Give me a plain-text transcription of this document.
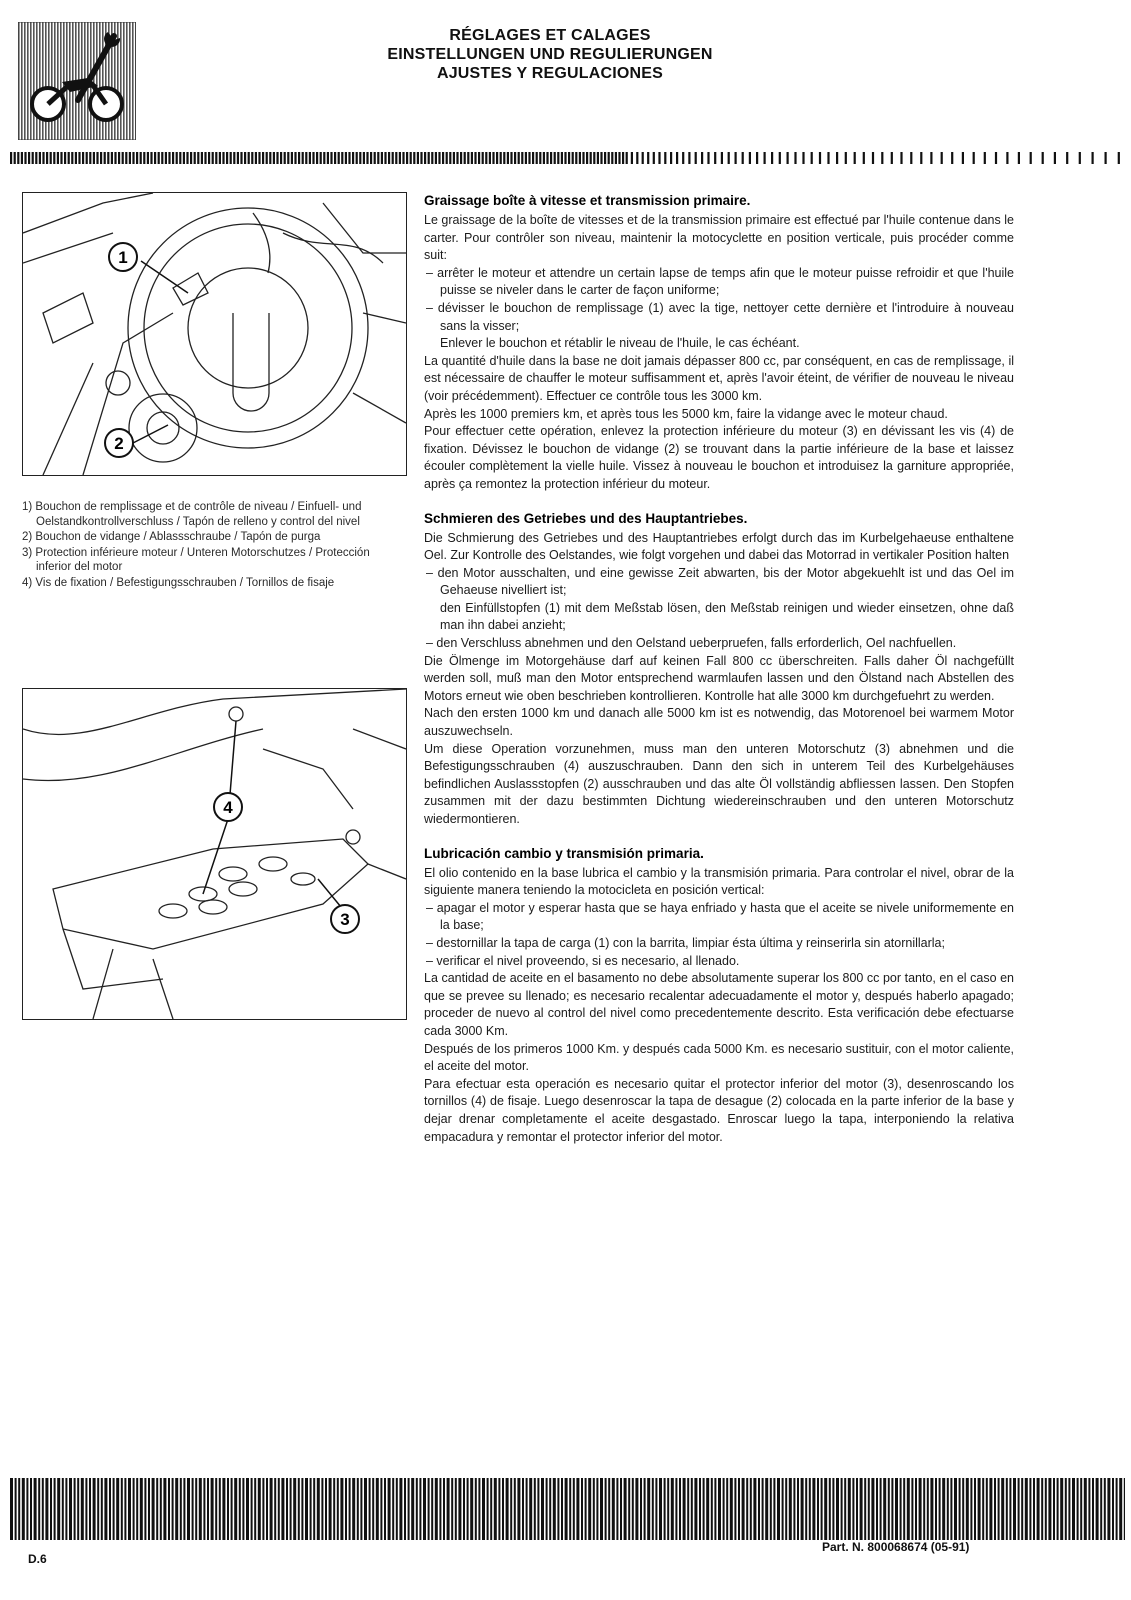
RÉGLAGES ET CALAGES
EINSTELLUNGEN UND REGULIERUNGEN
AJUSTES Y REGULACIONES
1
2

1) Bouchon de remplissage et de contrôle de niveau / Einfuell- und Oelstandkontrollverschluss / Tapón de relleno y control del nivel

2) Bouchon de vidange / Ablassschraube / Tapón de purga

3) Protection inférieure moteur / Unteren Motorschutzes / Protección inferior del motor

4) Vis de fixation / Befestigungsschrauben / Tornillos de fisaje

4
3
Graissage boîte à vitesse et transmission primaire.

Le graissage de la boîte de vitesses et de la transmission primaire est effectué par l'huile contenue dans le carter. Pour contrôler son niveau, maintenir la motocyclette en position verticale, puis procéder comme suit:

– arrêter le moteur et attendre un certain lapse de temps afin que le moteur puisse refroidir et que l'huile puisse se niveler dans le carter de façon uniforme;

– dévisser le bouchon de remplissage (1) avec la tige, nettoyer cette dernière et l'introduire à nouveau sans la visser;

Enlever le bouchon et rétablir le niveau de l'huile, le cas échéant.

La quantité d'huile dans la base ne doit jamais dépasser 800 cc, par conséquent, en cas de remplissage, il est nécessaire de chauffer le moteur suffisamment et, après l'avoir éteint, de vérifier de nouveau le niveau (voir précédemment). Effectuer ce contrôle tous les 3000 km.

Après les 1000 premiers km, et après tous les 5000 km, faire la vidange avec le moteur chaud.

Pour effectuer cette opération, enlevez la protection inférieure du moteur (3) en dévissant les vis (4) de fixation. Dévissez le bouchon de vidange (2) se trouvant dans la partie inférieure de la base et laissez écouler complètement la vielle huile. Vissez à nouveau le bouchon et introduisez la garniture appropriée, après ça remontez la protection inférieur du moteur.

Schmieren des Getriebes und des Hauptantriebes.

Die Schmierung des Getriebes und des Hauptantriebes erfolgt durch das im Kurbelgehaeuse enthaltene Oel. Zur Kontrolle des Oelstandes, wie folgt vorgehen und dabei das Motorrad in vertikaler Position halten

– den Motor ausschalten, und eine gewisse Zeit abwarten, bis der Motor abgekuehlt ist und das Oel im Gehaeuse nivelliert ist;

den Einfüllstopfen (1) mit dem Meßstab lösen, den Meßstab reinigen und wieder einsetzen, ohne daß man ihn dabei anzieht;

– den Verschluss abnehmen und den Oelstand ueberpruefen, falls erforderlich, Oel nachfuellen.

Die Ölmenge im Motorgehäuse darf auf keinen Fall 800 cc überschreiten. Falls daher Öl nachgefüllt werden soll, muß man den Motor entsprechend warmlaufen lassen und den Ölstand nach Abstellen des Motors erneut wie oben beschrieben kontrollieren. Kontrolle hat alle 3000 km durchgefuehrt zu werden.

Nach den ersten 1000 km und danach alle 5000 km ist es notwendig, das Motorenoel bei warmem Motor auszuwechseln.

Um diese Operation vorzunehmen, muss man den unteren Motorschutz (3) abnehmen und die Befestigungsschrauben (4) auszuschrauben. Dann den sich in unterem Teil des Kurbelgehäuses befindlichen Auslassstopfen (2) ausschrauben und das alte Öl vollständig abfliessen lassen. Den Stopfen zusammen mit der dazu bestimmten Dichtung wiedereinschrauben und den unteren Motorschutz wiedermontieren.

Lubricación cambio y transmisión primaria.

El olio contenido en la base lubrica el cambio y la transmisión primaria. Para controlar el nivel, obrar de la siguiente manera teniendo la motocicleta en posición vertical:

– apagar el motor y esperar hasta que se haya enfriado y hasta que el aceite se nivele uniformemente en la base;

– destornillar la tapa de carga (1) con la barrita, limpiar ésta última y reinserirla sin atornillarla;

– verificar el nivel proveendo, si es necesario, al llenado.

La cantidad de aceite en el basamento no debe absolutamente superar los 800 cc por tanto, en el caso en que se prevee su llenado; es necesario recalentar adecuadamente el motor y, después haberlo apagado; proceder de nuevo al control del nivel como precedentemente descrito. Esta verificación debe efectuarse cada 3000 Km.

Después de los primeros 1000 Km. y después cada 5000 Km. es necesario sustituir, con el motor caliente, el aceite del motor.

Para efectuar esta operación es necesario quitar el protector inferior del motor (3), desenroscando los tornillos (4) de fisaje. Luego desenroscar la tapa de desague (2) colocada en la parte inferior de la base y dejar drenar completamente el aceite desgastado. Enroscar luego la tapa, interponiendo la relativa empacadura y remontar el protector inferior del motor.

D.6
Part. N. 800068674 (05-91)
